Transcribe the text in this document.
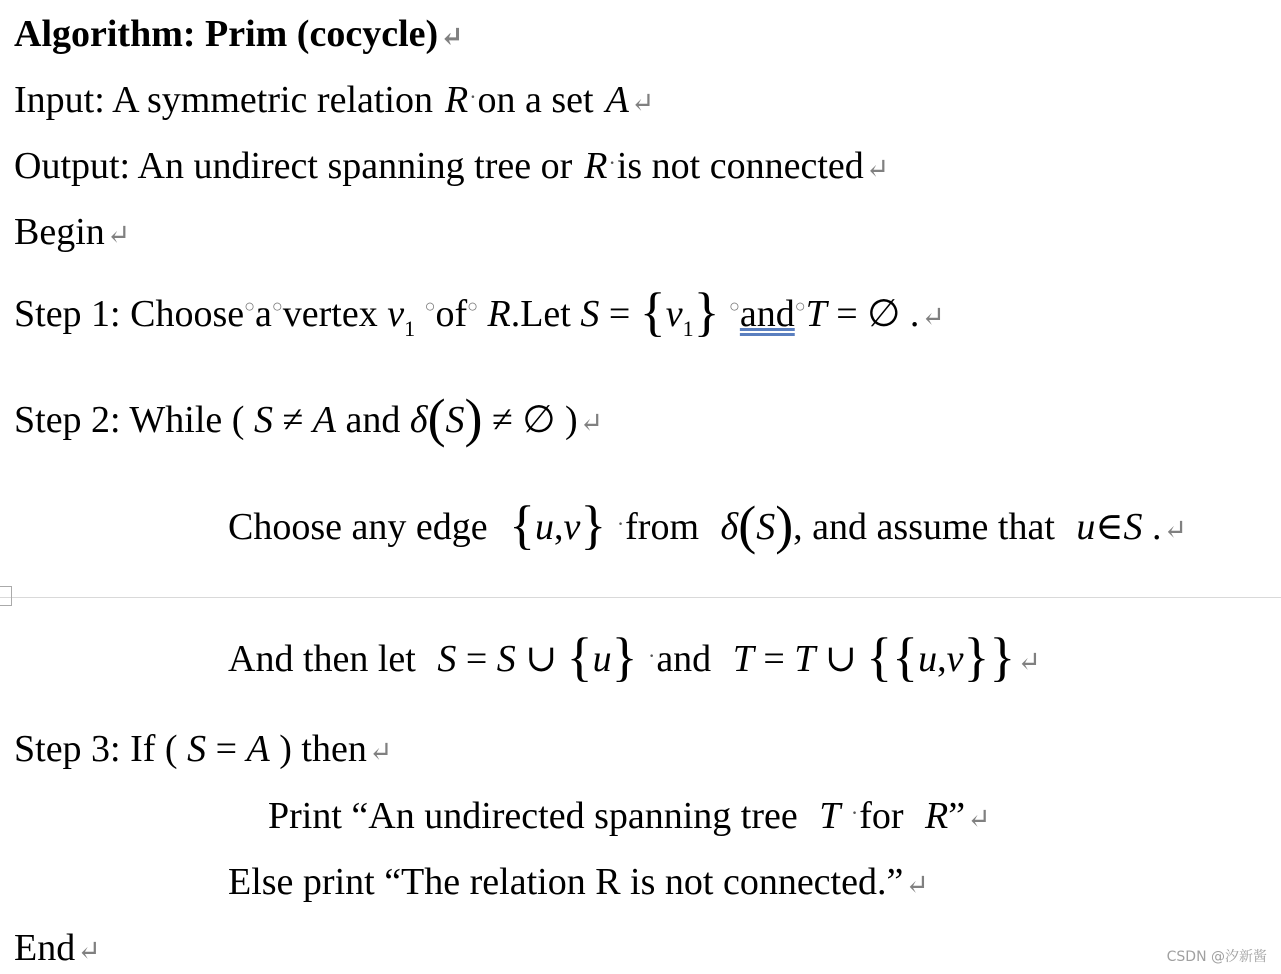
Algorithm: Prim (cocycle)↵
Input: A symmetric relation R·on a set A↵
Output: An undirect spanning tree or R·is not connected↵
Begin↵
Step 1: Choose○a○vertex $v_1$ ○of○ R.Let $S = \{v_1\} ^○and^○T$ = ∅ .↵
Step 2: While ( S ≠ A and δ(S) ≠ ∅ )↵
Choose any edge {u,v} ·from δ(S), and assume that u∈S .↵
And then let S = S ∪ {u} ·and T = T ∪ {{u,v}}↵
Step 3: If ( S = A ) then↵
Print “An undirected spanning tree T ·for R”↵
Else print “The relation R is not connected.”↵
End↵	CSDN @汐新酱
